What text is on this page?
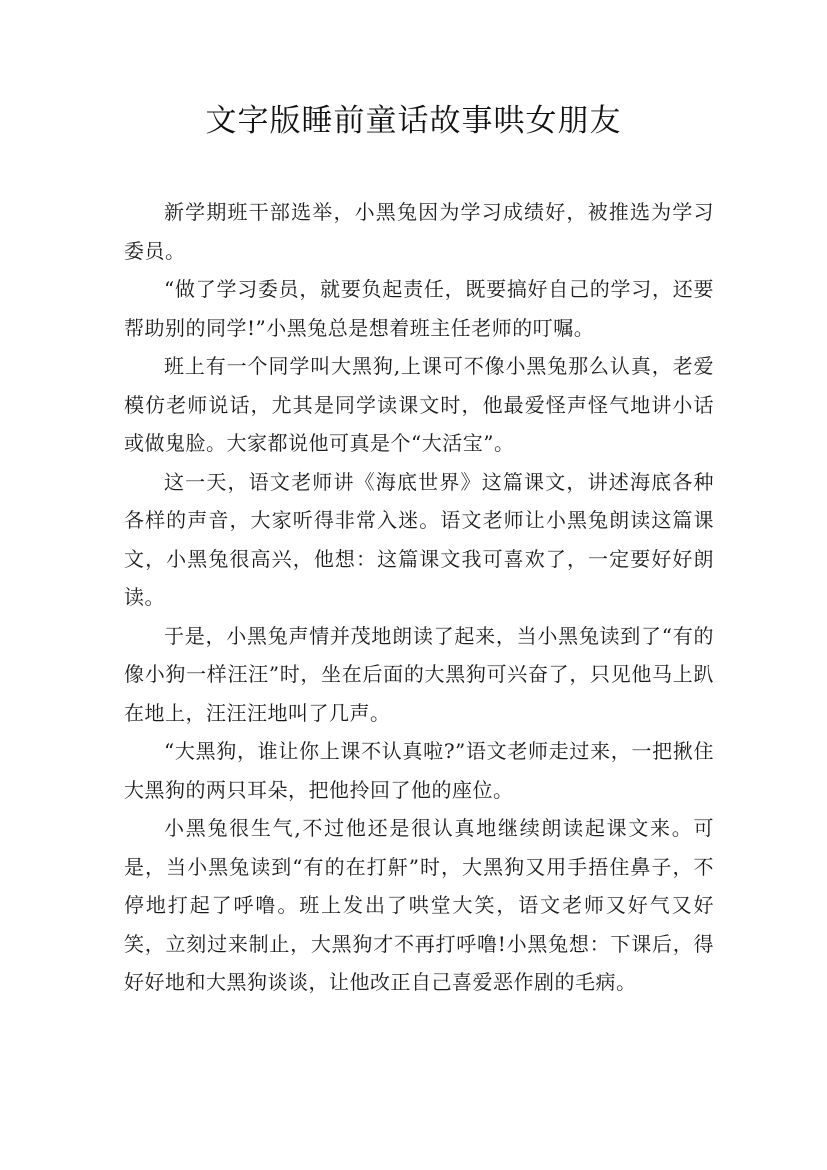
文字版睡前童话故事哄女朋友

新学期班干部选举，小黑兔因为学习成绩好，被推选为学习委员。

“做了学习委员，就要负起责任，既要搞好自己的学习，还要帮助别的同学!”小黑兔总是想着班主任老师的叮嘱。

班上有一个同学叫大黑狗,上课可不像小黑兔那么认真，老爱模仿老师说话，尤其是同学读课文时，他最爱怪声怪气地讲小话或做鬼脸。大家都说他可真是个“大活宝”。

这一天，语文老师讲《海底世界》这篇课文，讲述海底各种各样的声音，大家听得非常入迷。语文老师让小黑兔朗读这篇课文，小黑兔很高兴，他想：这篇课文我可喜欢了，一定要好好朗读。

于是，小黑兔声情并茂地朗读了起来，当小黑兔读到了“有的像小狗一样汪汪”时，坐在后面的大黑狗可兴奋了，只见他马上趴在地上，汪汪汪地叫了几声。

“大黑狗，谁让你上课不认真啦?”语文老师走过来，一把揪住大黑狗的两只耳朵，把他拎回了他的座位。

小黑兔很生气,不过他还是很认真地继续朗读起课文来。可是，当小黑兔读到“有的在打鼾”时，大黑狗又用手捂住鼻子，不停地打起了呼噜。班上发出了哄堂大笑，语文老师又好气又好笑，立刻过来制止，大黑狗才不再打呼噜!小黑兔想：下课后，得好好地和大黑狗谈谈，让他改正自己喜爱恶作剧的毛病。
